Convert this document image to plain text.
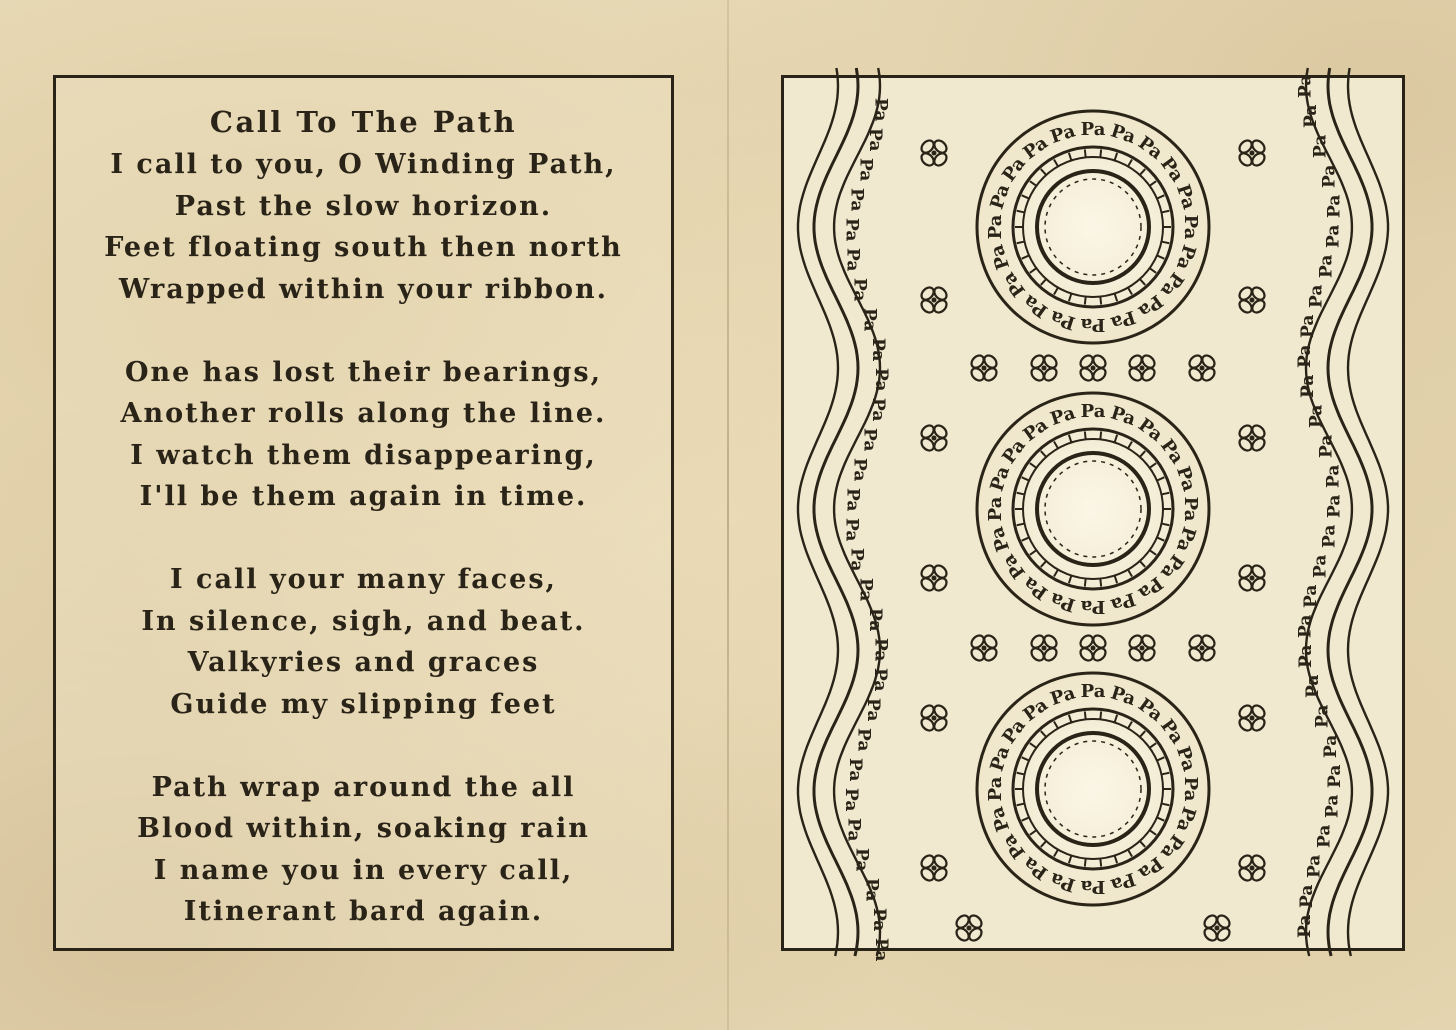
Call To The Path
I call to you, O Winding Path,
Past the slow horizon.
Feet floating south then north
Wrapped within your ribbon.
One has lost their bearings,
Another rolls along the line.
I watch them disappearing,
I'll be them again in time.
I call your many faces,
In silence, sigh, and beat.
Valkyries and graces
Guide my slipping feet
Path wrap around the all
Blood within, soaking rain
I name you in every call,
Itinerant bard again.
Pa
Pa
Pa
Pa
Pa
Pa
Pa
Pa
Pa
Pa
Pa
Pa
Pa
Pa
Pa
Pa
Pa
Pa
Pa
Pa
Pa
Pa
Pa
Pa
Pa
Pa
Pa
Pa
Pa
Pa
Pa
Pa
Pa
Pa
Pa
Pa
Pa
Pa
Pa
Pa
Pa
Pa
Pa
Pa
Pa
Pa
Pa
Pa
Pa
Pa
Pa
Pa
Pa
Pa
Pa
Pa
Pa
Pa
Pa Pa
Pa
Pa
Pa
Pa
Pa
Pa
Pa
Pa
Pa
Pa
Pa
Pa
Pa
Pa
Pa
Pa
Pa
Pa
Pa Pa
Pa
Pa
Pa
Pa
Pa
Pa
Pa
Pa
Pa
Pa
Pa
Pa
Pa
Pa
Pa
Pa
Pa
Pa
Pa Pa
Pa
Pa
Pa
Pa
Pa
Pa
Pa
Pa
Pa
Pa
Pa
Pa
Pa
Pa
Pa
Pa
Pa
Pa
